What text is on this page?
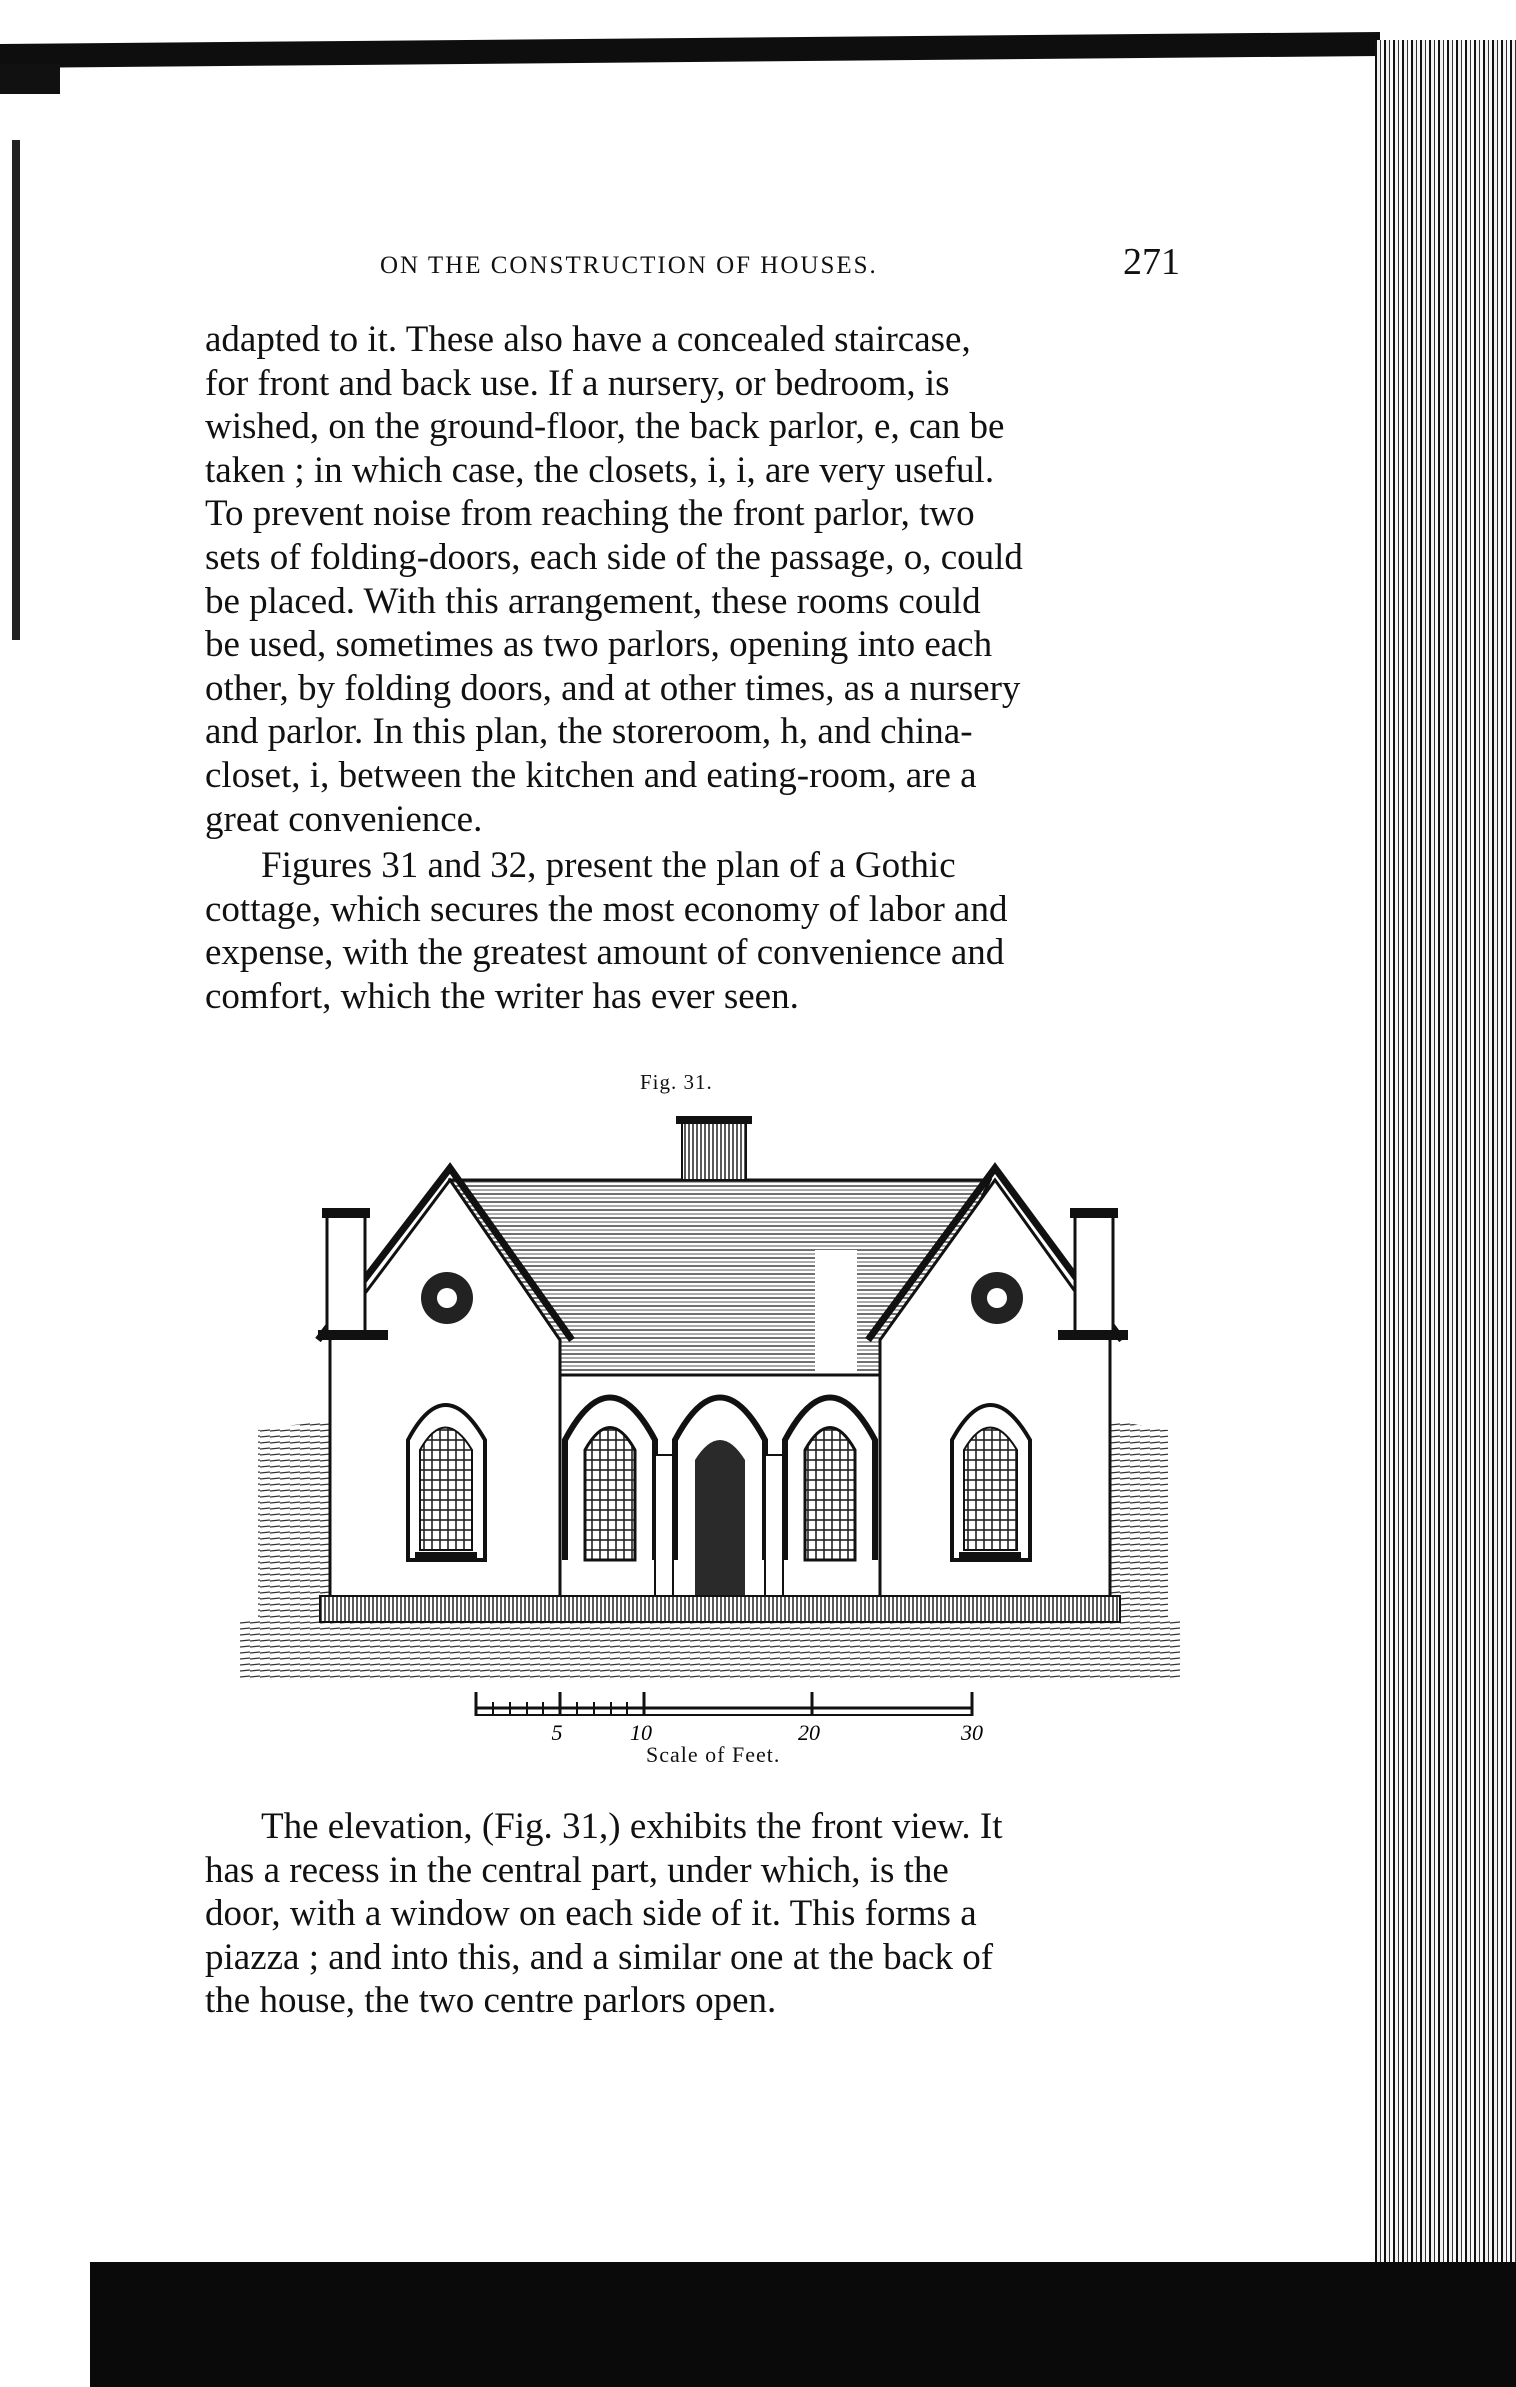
ON THE CONSTRUCTION OF HOUSES.	271

adapted to it. These also have a concealed staircase,
for front and back use. If a nursery, or bedroom, is
wished, on the ground-floor, the back parlor, e, can be
taken ; in which case, the closets, i, i, are very useful.
To prevent noise from reaching the front parlor, two
sets of folding-doors, each side of the passage, o, could
be placed. With this arrangement, these rooms could
be used, sometimes as two parlors, opening into each
other, by folding doors, and at other times, as a nursery
and parlor. In this plan, the storeroom, h, and china-
closet, i, between the kitchen and eating-room, are a
great convenience.

Figures 31 and 32, present the plan of a Gothic
cottage, which secures the most economy of labor and
expense, with the greatest amount of convenience and
comfort, which the writer has ever seen.

Fig. 31.
5	10	20	30
Scale of Feet.

The elevation, (Fig. 31,) exhibits the front view. It
has a recess in the central part, under which, is the
door, with a window on each side of it. This forms a
piazza ; and into this, and a similar one at the back of
the house, the two centre parlors open.
